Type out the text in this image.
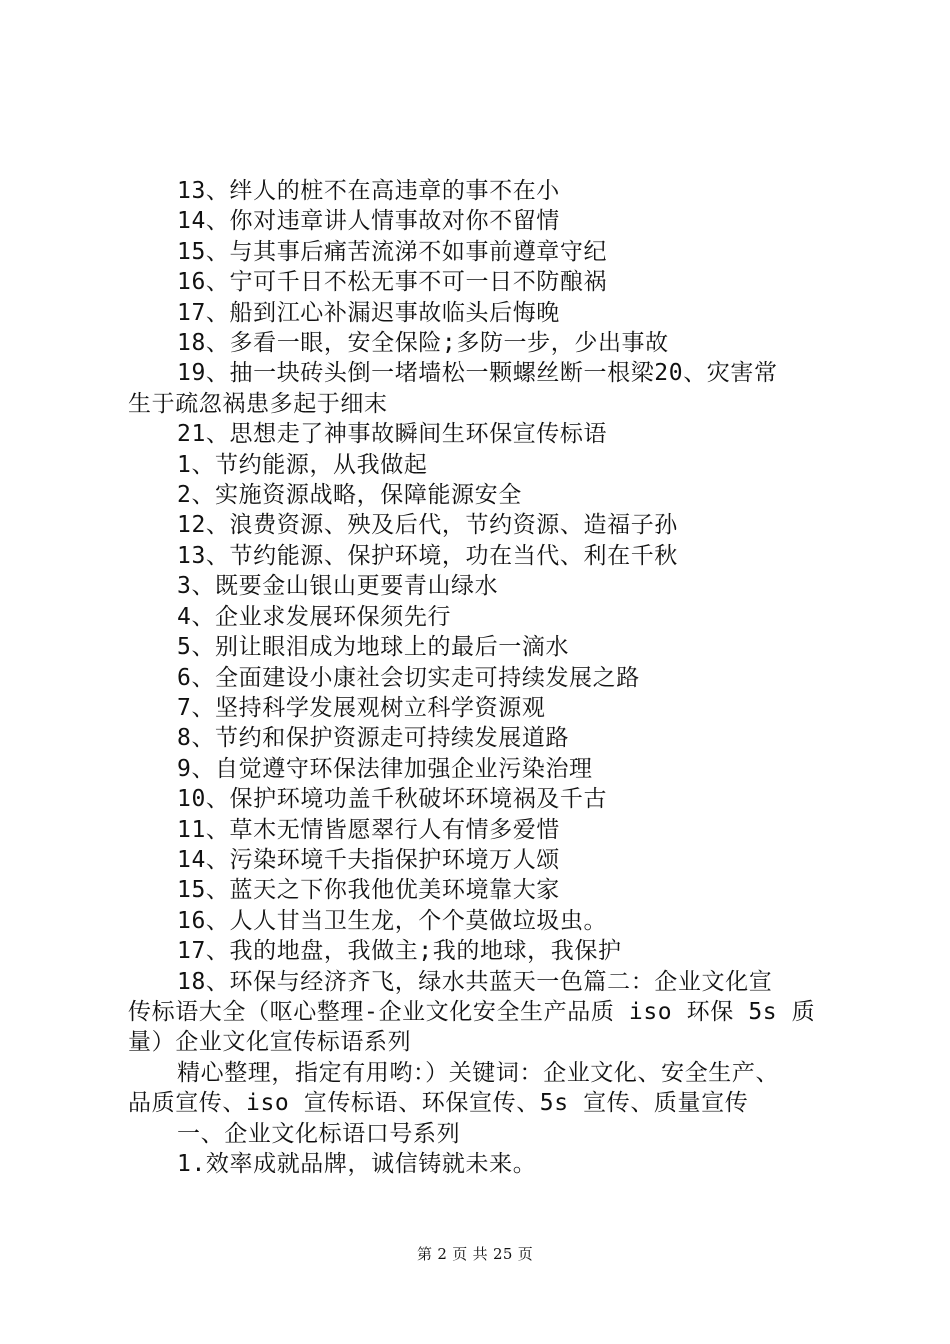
13、绊人的桩不在高违章的事不在小
14、你对违章讲人情事故对你不留情
15、与其事后痛苦流涕不如事前遵章守纪
16、宁可千日不松无事不可一日不防酿祸
17、船到江心补漏迟事故临头后悔晚
18、多看一眼，安全保险;多防一步，少出事故
19、抽一块砖头倒一堵墙松一颗螺丝断一根梁20、灾害常
生于疏忽祸患多起于细末
21、思想走了神事故瞬间生环保宣传标语
1、节约能源，从我做起
2、实施资源战略，保障能源安全
12、浪费资源、殃及后代，节约资源、造福子孙
13、节约能源、保护环境，功在当代、利在千秋
3、既要金山银山更要青山绿水
4、企业求发展环保须先行
5、别让眼泪成为地球上的最后一滴水
6、全面建设小康社会切实走可持续发展之路
7、坚持科学发展观树立科学资源观
8、节约和保护资源走可持续发展道路
9、自觉遵守环保法律加强企业污染治理
10、保护环境功盖千秋破坏环境祸及千古
11、草木无情皆愿翠行人有情多爱惜
14、污染环境千夫指保护环境万人颂
15、蓝天之下你我他优美环境靠大家
16、人人甘当卫生龙，个个莫做垃圾虫。
17、我的地盘，我做主;我的地球，我保护
18、环保与经济齐飞，绿水共蓝天一色篇二：企业文化宣
传标语大全（呕心整理-企业文化安全生产品质 iso 环保 5s 质
量）企业文化宣传标语系列
精心整理，指定有用哟：）关键词：企业文化、安全生产、
品质宣传、iso 宣传标语、环保宣传、5s 宣传、质量宣传
一、企业文化标语口号系列
1.效率成就品牌，诚信铸就未来。
第 2 页 共 25 页
